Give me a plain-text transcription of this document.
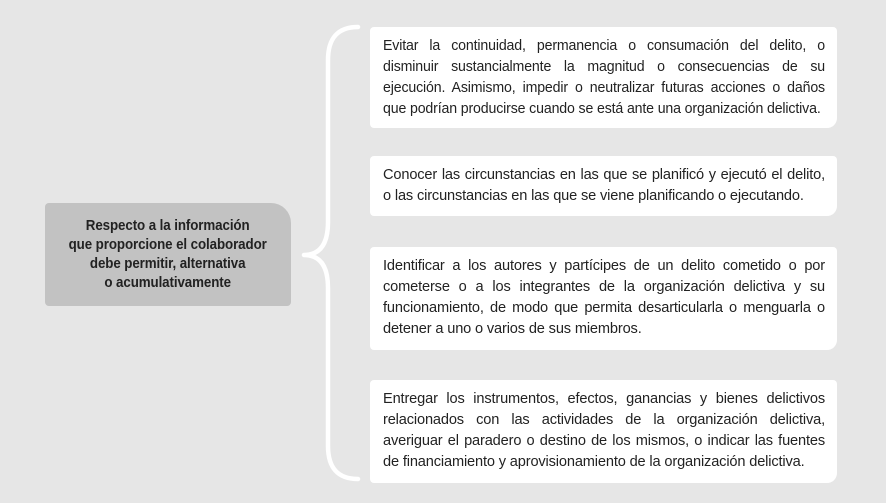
Respecto a la información
que proporcione el colaborador
debe permitir, alternativa
o acumulativamente
Evitar la continuidad, permanencia o consumación del delito, o disminuir sustancialmente la magnitud o consecuencias de su ejecución. Asimismo, impedir o neutralizar futuras acciones o daños que podrían producirse cuando se está ante una organización delictiva.
Conocer las circunstancias en las que se planificó y ejecutó el delito, o las circunstancias en las que se viene planificando o ejecutando.
Identificar a los autores y partícipes de un delito cometido o por cometerse o a los integrantes de la organización delictiva y su funcionamiento, de modo que permita desarticularla o menguarla o detener a uno o varios de sus miembros.
Entregar los instrumentos, efectos, ganancias y bienes delictivos relacionados con las actividades de la organización delictiva, averiguar el paradero o destino de los mismos, o indicar las fuentes de financiamiento y aprovisionamiento de la organización delictiva.
